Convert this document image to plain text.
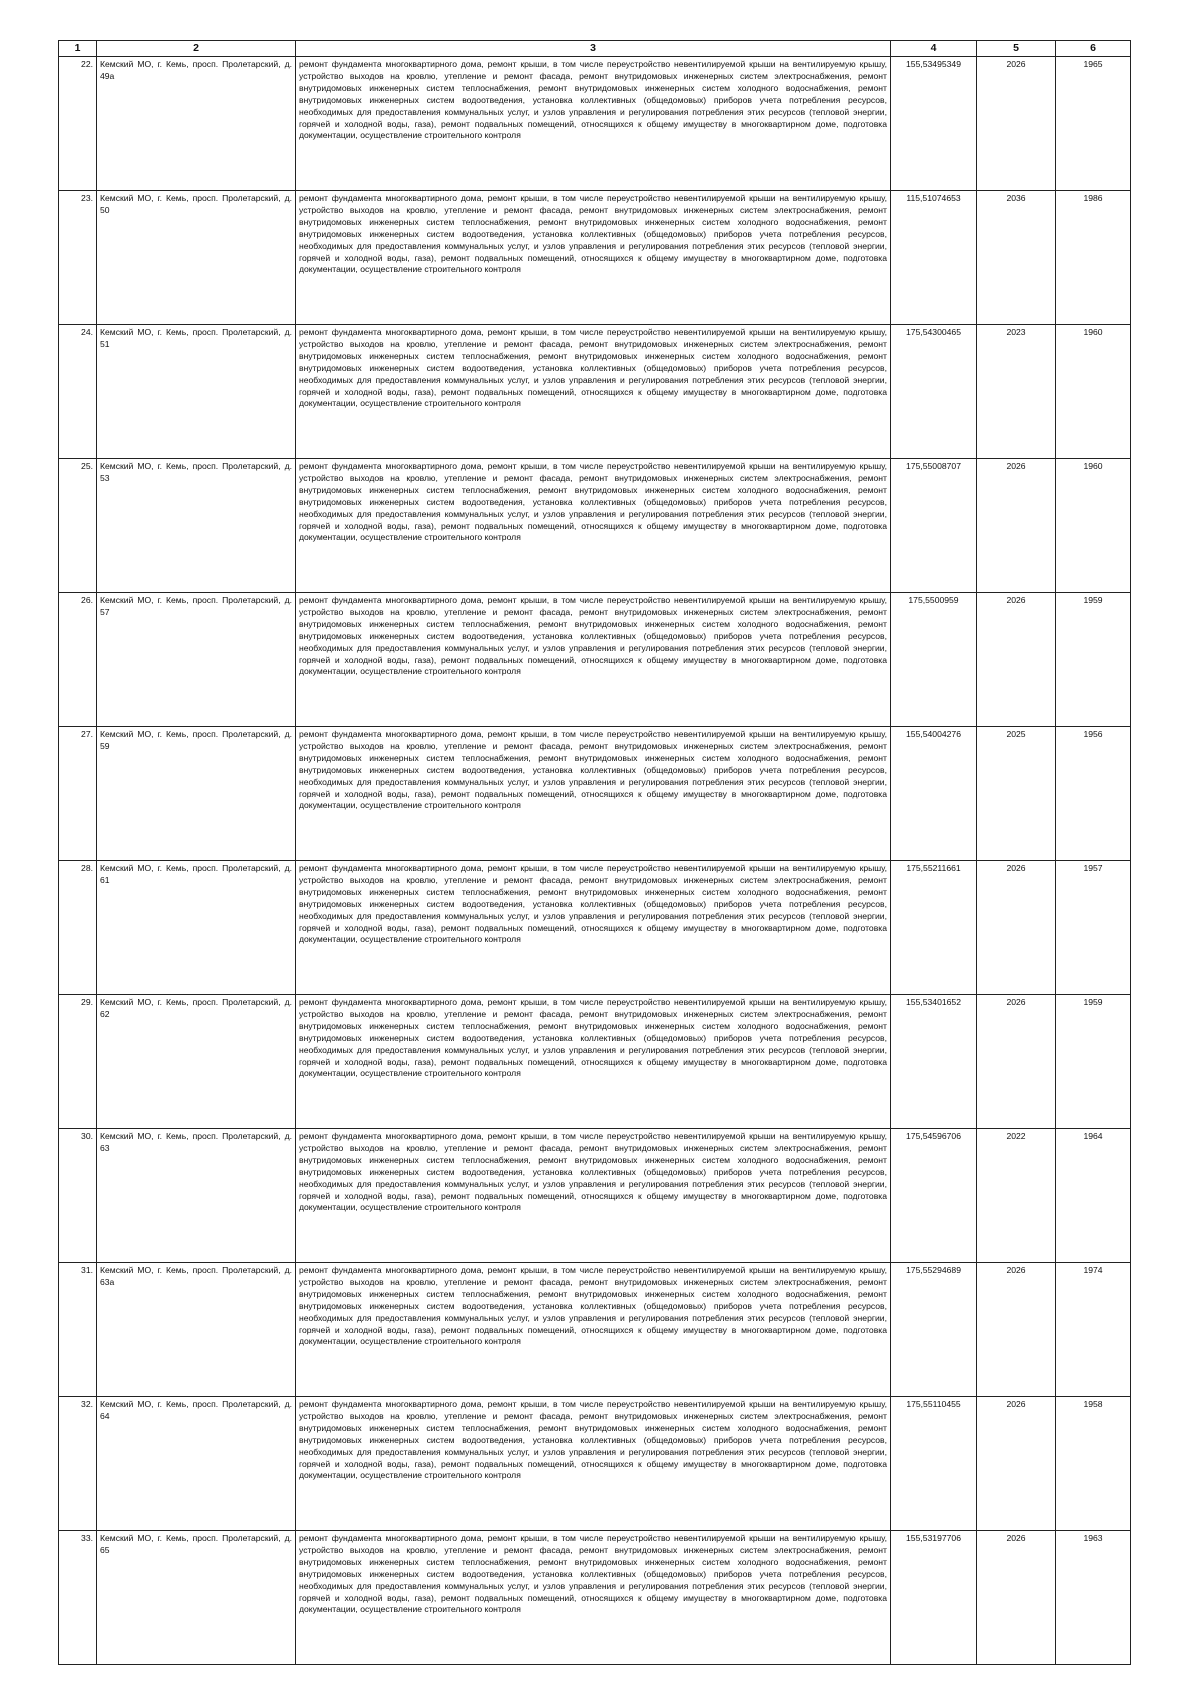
1	2	3	4	5	6
22.	Кемский МО, г. Кемь, просп. Пролетарский, д. 49а	ремонт фундамента многоквартирного дома, ремонт крыши, в том числе переустройство невентилируемой крыши на вентилируемую крышу, устройство выходов на кровлю, утепление и ремонт фасада, ремонт внутридомовых инженерных систем электроснабжения, ремонт внутридомовых инженерных систем теплоснабжения, ремонт внутридомовых инженерных систем холодного водоснабжения, ремонт внутридомовых инженерных систем водоотведения, установка коллективных (общедомовых) приборов учета потребления ресурсов, необходимых для предоставления коммунальных услуг, и узлов управления и регулирования потребления этих ресурсов (тепловой энергии, горячей и холодной воды, газа), ремонт подвальных помещений, относящихся к общему имуществу в многоквартирном доме, подготовка документации, осуществление строительного контроля	155,53495349	2026	1965
23.	Кемский МО, г. Кемь, просп. Пролетарский, д. 50	ремонт фундамента многоквартирного дома, ремонт крыши, в том числе переустройство невентилируемой крыши на вентилируемую крышу, устройство выходов на кровлю, утепление и ремонт фасада, ремонт внутридомовых инженерных систем электроснабжения, ремонт внутридомовых инженерных систем теплоснабжения, ремонт внутридомовых инженерных систем холодного водоснабжения, ремонт внутридомовых инженерных систем водоотведения, установка коллективных (общедомовых) приборов учета потребления ресурсов, необходимых для предоставления коммунальных услуг, и узлов управления и регулирования потребления этих ресурсов (тепловой энергии, горячей и холодной воды, газа), ремонт подвальных помещений, относящихся к общему имуществу в многоквартирном доме, подготовка документации, осуществление строительного контроля	115,51074653	2036	1986
24.	Кемский МО, г. Кемь, просп. Пролетарский, д. 51	ремонт фундамента многоквартирного дома, ремонт крыши, в том числе переустройство невентилируемой крыши на вентилируемую крышу, устройство выходов на кровлю, утепление и ремонт фасада, ремонт внутридомовых инженерных систем электроснабжения, ремонт внутридомовых инженерных систем теплоснабжения, ремонт внутридомовых инженерных систем холодного водоснабжения, ремонт внутридомовых инженерных систем водоотведения, установка коллективных (общедомовых) приборов учета потребления ресурсов, необходимых для предоставления коммунальных услуг, и узлов управления и регулирования потребления этих ресурсов (тепловой энергии, горячей и холодной воды, газа), ремонт подвальных помещений, относящихся к общему имуществу в многоквартирном доме, подготовка документации, осуществление строительного контроля	175,54300465	2023	1960
25.	Кемский МО, г. Кемь, просп. Пролетарский, д. 53	ремонт фундамента многоквартирного дома, ремонт крыши, в том числе переустройство невентилируемой крыши на вентилируемую крышу, устройство выходов на кровлю, утепление и ремонт фасада, ремонт внутридомовых инженерных систем электроснабжения, ремонт внутридомовых инженерных систем теплоснабжения, ремонт внутридомовых инженерных систем холодного водоснабжения, ремонт внутридомовых инженерных систем водоотведения, установка коллективных (общедомовых) приборов учета потребления ресурсов, необходимых для предоставления коммунальных услуг, и узлов управления и регулирования потребления этих ресурсов (тепловой энергии, горячей и холодной воды, газа), ремонт подвальных помещений, относящихся к общему имуществу в многоквартирном доме, подготовка документации, осуществление строительного контроля	175,55008707	2026	1960
26.	Кемский МО, г. Кемь, просп. Пролетарский, д. 57	ремонт фундамента многоквартирного дома, ремонт крыши, в том числе переустройство невентилируемой крыши на вентилируемую крышу, устройство выходов на кровлю, утепление и ремонт фасада, ремонт внутридомовых инженерных систем электроснабжения, ремонт внутридомовых инженерных систем теплоснабжения, ремонт внутридомовых инженерных систем холодного водоснабжения, ремонт внутридомовых инженерных систем водоотведения, установка коллективных (общедомовых) приборов учета потребления ресурсов, необходимых для предоставления коммунальных услуг, и узлов управления и регулирования потребления этих ресурсов (тепловой энергии, горячей и холодной воды, газа), ремонт подвальных помещений, относящихся к общему имуществу в многоквартирном доме, подготовка документации, осуществление строительного контроля	175,5500959	2026	1959
27.	Кемский МО, г. Кемь, просп. Пролетарский, д. 59	ремонт фундамента многоквартирного дома, ремонт крыши, в том числе переустройство невентилируемой крыши на вентилируемую крышу, устройство выходов на кровлю, утепление и ремонт фасада, ремонт внутридомовых инженерных систем электроснабжения, ремонт внутридомовых инженерных систем теплоснабжения, ремонт внутридомовых инженерных систем холодного водоснабжения, ремонт внутридомовых инженерных систем водоотведения, установка коллективных (общедомовых) приборов учета потребления ресурсов, необходимых для предоставления коммунальных услуг, и узлов управления и регулирования потребления этих ресурсов (тепловой энергии, горячей и холодной воды, газа), ремонт подвальных помещений, относящихся к общему имуществу в многоквартирном доме, подготовка документации, осуществление строительного контроля	155,54004276	2025	1956
28.	Кемский МО, г. Кемь, просп. Пролетарский, д. 61	ремонт фундамента многоквартирного дома, ремонт крыши, в том числе переустройство невентилируемой крыши на вентилируемую крышу, устройство выходов на кровлю, утепление и ремонт фасада, ремонт внутридомовых инженерных систем электроснабжения, ремонт внутридомовых инженерных систем теплоснабжения, ремонт внутридомовых инженерных систем холодного водоснабжения, ремонт внутридомовых инженерных систем водоотведения, установка коллективных (общедомовых) приборов учета потребления ресурсов, необходимых для предоставления коммунальных услуг, и узлов управления и регулирования потребления этих ресурсов (тепловой энергии, горячей и холодной воды, газа), ремонт подвальных помещений, относящихся к общему имуществу в многоквартирном доме, подготовка документации, осуществление строительного контроля	175,55211661	2026	1957
29.	Кемский МО, г. Кемь, просп. Пролетарский, д. 62	ремонт фундамента многоквартирного дома, ремонт крыши, в том числе переустройство невентилируемой крыши на вентилируемую крышу, устройство выходов на кровлю, утепление и ремонт фасада, ремонт внутридомовых инженерных систем электроснабжения, ремонт внутридомовых инженерных систем теплоснабжения, ремонт внутридомовых инженерных систем холодного водоснабжения, ремонт внутридомовых инженерных систем водоотведения, установка коллективных (общедомовых) приборов учета потребления ресурсов, необходимых для предоставления коммунальных услуг, и узлов управления и регулирования потребления этих ресурсов (тепловой энергии, горячей и холодной воды, газа), ремонт подвальных помещений, относящихся к общему имуществу в многоквартирном доме, подготовка документации, осуществление строительного контроля	155,53401652	2026	1959
30.	Кемский МО, г. Кемь, просп. Пролетарский, д. 63	ремонт фундамента многоквартирного дома, ремонт крыши, в том числе переустройство невентилируемой крыши на вентилируемую крышу, устройство выходов на кровлю, утепление и ремонт фасада, ремонт внутридомовых инженерных систем электроснабжения, ремонт внутридомовых инженерных систем теплоснабжения, ремонт внутридомовых инженерных систем холодного водоснабжения, ремонт внутридомовых инженерных систем водоотведения, установка коллективных (общедомовых) приборов учета потребления ресурсов, необходимых для предоставления коммунальных услуг, и узлов управления и регулирования потребления этих ресурсов (тепловой энергии, горячей и холодной воды, газа), ремонт подвальных помещений, относящихся к общему имуществу в многоквартирном доме, подготовка документации, осуществление строительного контроля	175,54596706	2022	1964
31.	Кемский МО, г. Кемь, просп. Пролетарский, д. 63а	ремонт фундамента многоквартирного дома, ремонт крыши, в том числе переустройство невентилируемой крыши на вентилируемую крышу, устройство выходов на кровлю, утепление и ремонт фасада, ремонт внутридомовых инженерных систем электроснабжения, ремонт внутридомовых инженерных систем теплоснабжения, ремонт внутридомовых инженерных систем холодного водоснабжения, ремонт внутридомовых инженерных систем водоотведения, установка коллективных (общедомовых) приборов учета потребления ресурсов, необходимых для предоставления коммунальных услуг, и узлов управления и регулирования потребления этих ресурсов (тепловой энергии, горячей и холодной воды, газа), ремонт подвальных помещений, относящихся к общему имуществу в многоквартирном доме, подготовка документации, осуществление строительного контроля	175,55294689	2026	1974
32.	Кемский МО, г. Кемь, просп. Пролетарский, д. 64	ремонт фундамента многоквартирного дома, ремонт крыши, в том числе переустройство невентилируемой крыши на вентилируемую крышу, устройство выходов на кровлю, утепление и ремонт фасада, ремонт внутридомовых инженерных систем электроснабжения, ремонт внутридомовых инженерных систем теплоснабжения, ремонт внутридомовых инженерных систем холодного водоснабжения, ремонт внутридомовых инженерных систем водоотведения, установка коллективных (общедомовых) приборов учета потребления ресурсов, необходимых для предоставления коммунальных услуг, и узлов управления и регулирования потребления этих ресурсов (тепловой энергии, горячей и холодной воды, газа), ремонт подвальных помещений, относящихся к общему имуществу в многоквартирном доме, подготовка документации, осуществление строительного контроля	175,55110455	2026	1958
33.	Кемский МО, г. Кемь, просп. Пролетарский, д. 65	ремонт фундамента многоквартирного дома, ремонт крыши, в том числе переустройство невентилируемой крыши на вентилируемую крышу, устройство выходов на кровлю, утепление и ремонт фасада, ремонт внутридомовых инженерных систем электроснабжения, ремонт внутридомовых инженерных систем теплоснабжения, ремонт внутридомовых инженерных систем холодного водоснабжения, ремонт внутридомовых инженерных систем водоотведения, установка коллективных (общедомовых) приборов учета потребления ресурсов, необходимых для предоставления коммунальных услуг, и узлов управления и регулирования потребления этих ресурсов (тепловой энергии, горячей и холодной воды, газа), ремонт подвальных помещений, относящихся к общему имуществу в многоквартирном доме, подготовка документации, осуществление строительного контроля	155,53197706	2026	1963
